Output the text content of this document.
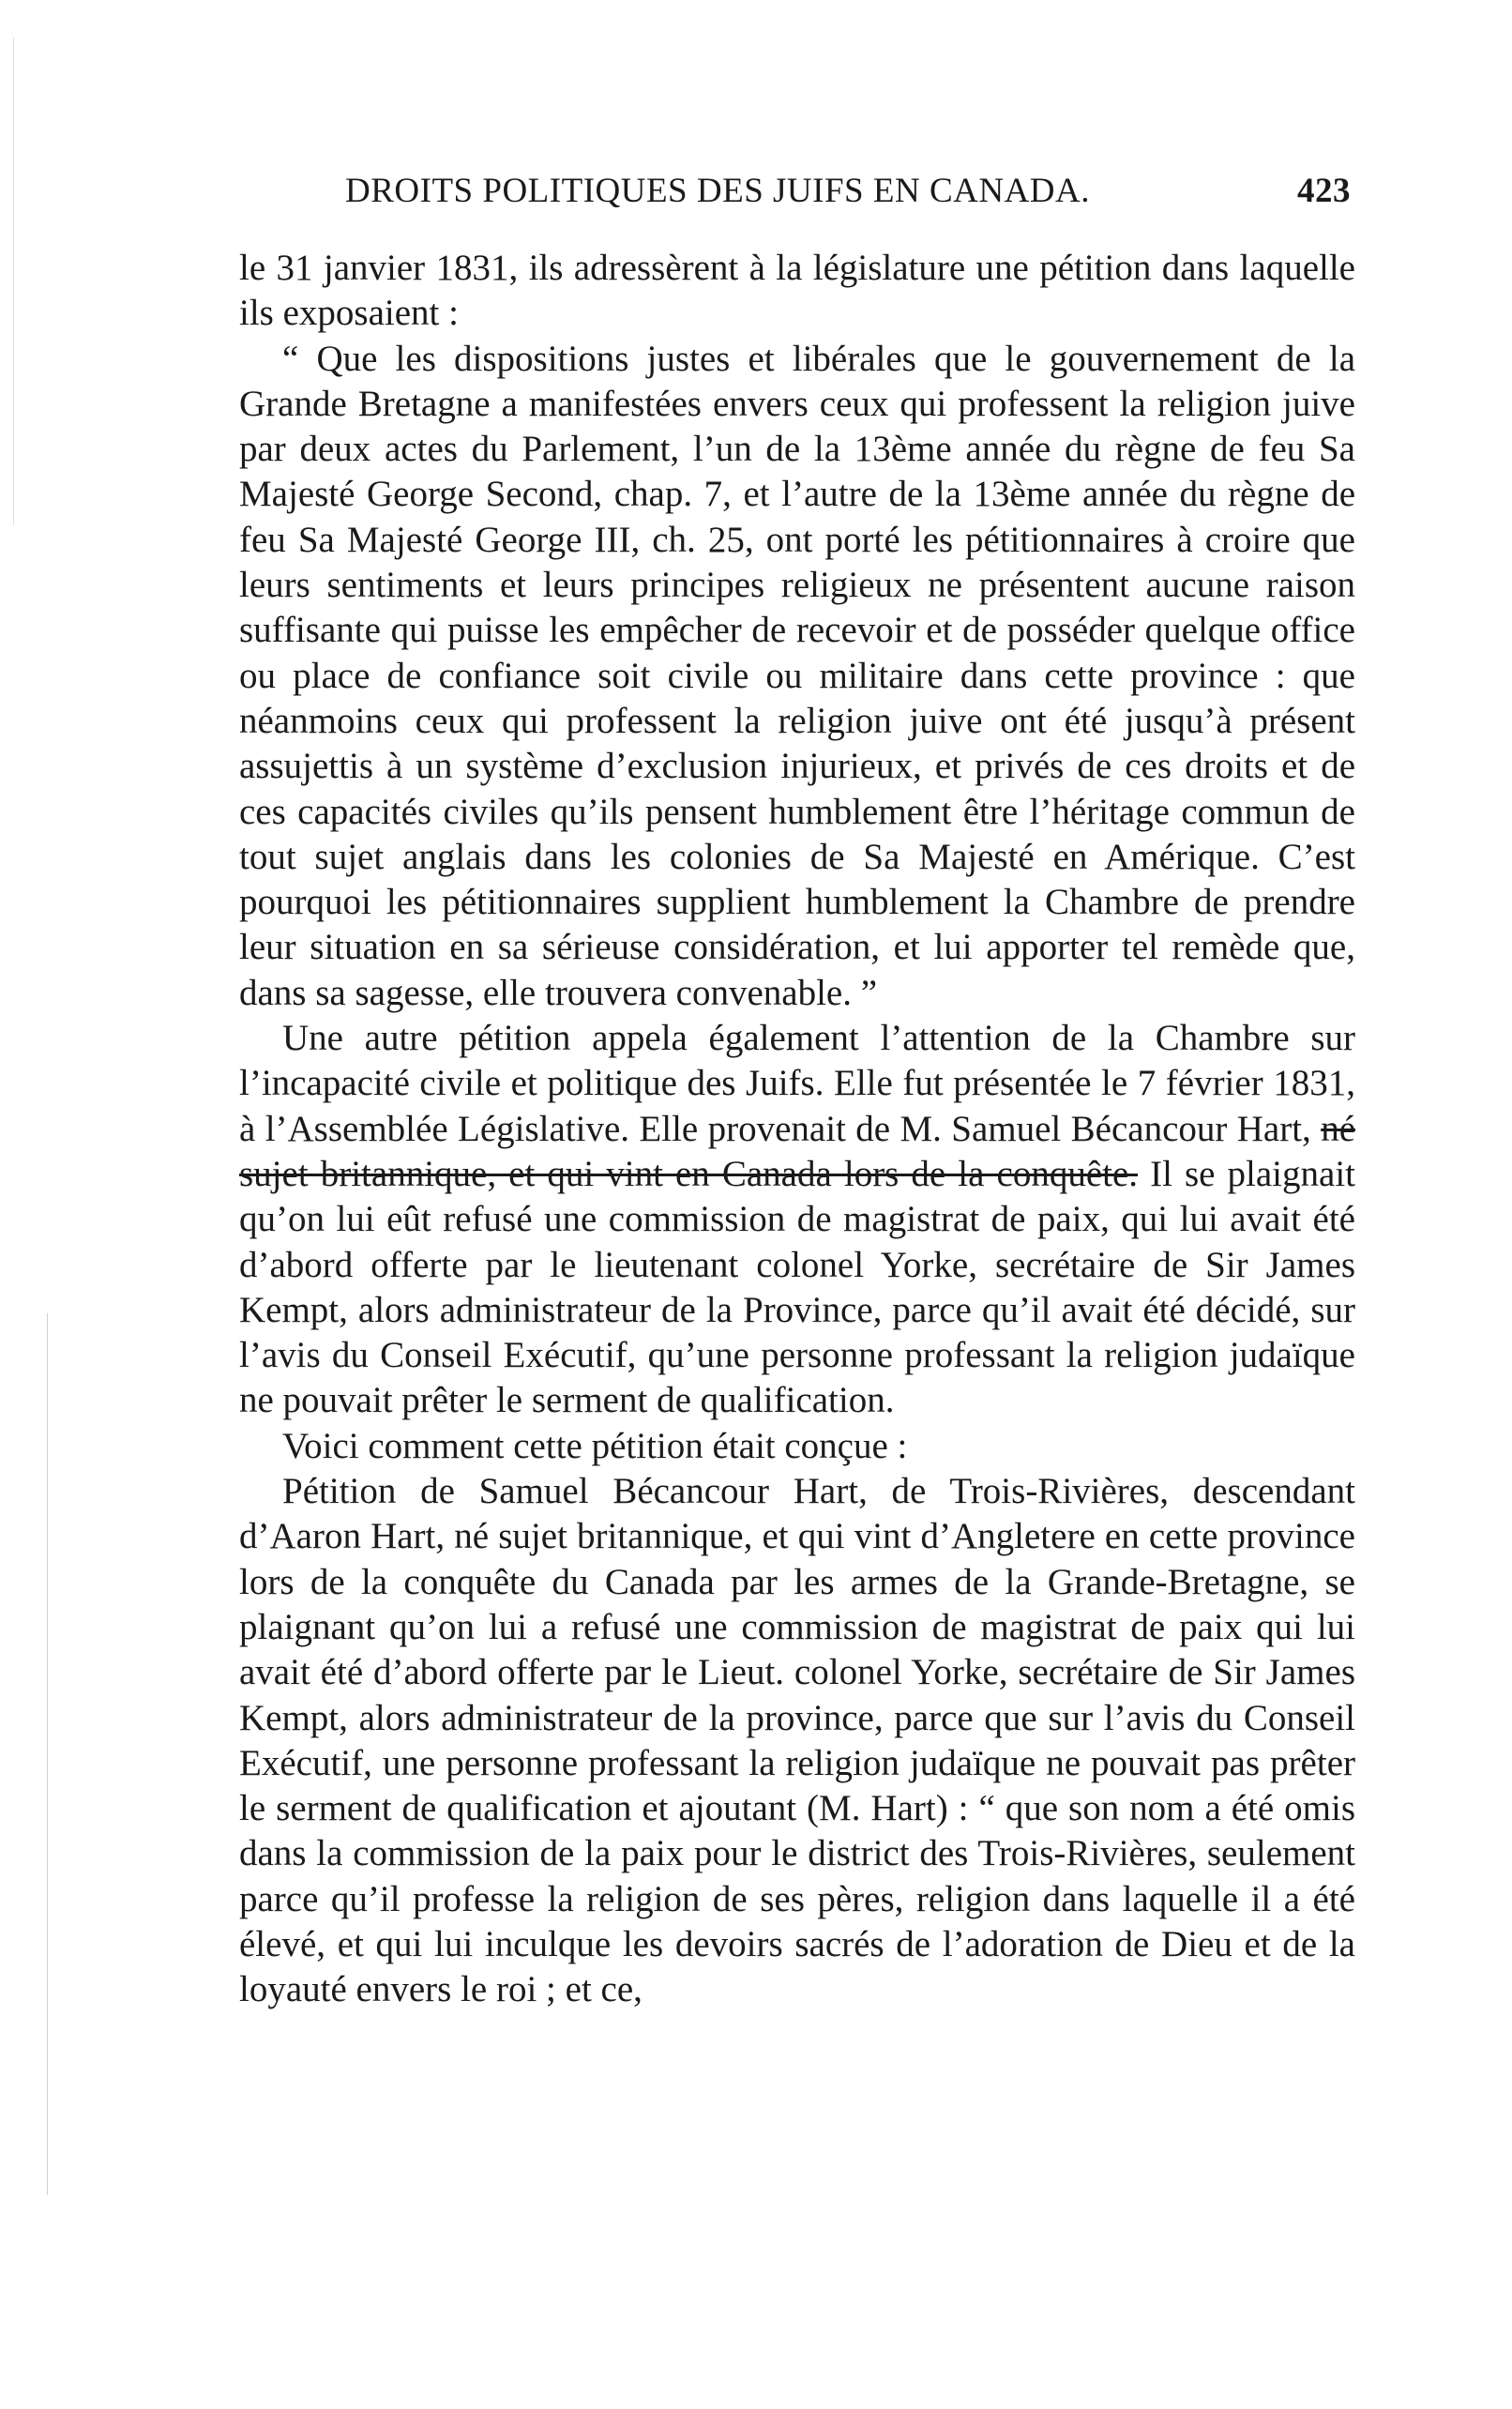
DROITS POLITIQUES DES JUIFS EN CANADA.	423

le 31 janvier 1831, ils adressèrent à la législature une pétition dans laquelle ils exposaient :

“ Que les dispositions justes et libérales que le gouvernement de la Grande Bretagne a manifestées envers ceux qui professent la religion juive par deux actes du Parlement, l’un de la 13ème année du règne de feu Sa Majesté George Second, chap. 7, et l’autre de la 13ème année du règne de feu Sa Majesté George III, ch. 25, ont porté les pétitionnaires à croire que leurs sentiments et leurs principes religieux ne présentent aucune raison suffisante qui puisse les empêcher de recevoir et de posséder quelque office ou place de confiance soit civile ou militaire dans cette province : que néanmoins ceux qui professent la religion juive ont été jusqu’à présent assujettis à un système d’exclusion injurieux, et privés de ces droits et de ces capacités civiles qu’ils pensent humblement être l’héritage commun de tout sujet anglais dans les colonies de Sa Majesté en Amérique. C’est pourquoi les pétitionnaires supplient humblement la Chambre de prendre leur situation en sa sérieuse considération, et lui apporter tel remède que, dans sa sagesse, elle trouvera convenable. ”

Une autre pétition appela également l’attention de la Chambre sur l’incapacité civile et politique des Juifs. Elle fut présentée le 7 février 1831, à l’Assemblée Législative. Elle provenait de M. Samuel Bécancour Hart, né sujet britannique, et qui vint en Canada lors de la conquête. Il se plaignait qu’on lui eût refusé une commission de magistrat de paix, qui lui avait été d’abord offerte par le lieutenant colonel Yorke, secrétaire de Sir James Kempt, alors administrateur de la Province, parce qu’il avait été décidé, sur l’avis du Conseil Exécutif, qu’une personne professant la religion judaïque ne pouvait prêter le serment de qualification.

Voici comment cette pétition était conçue :

Pétition de Samuel Bécancour Hart, de Trois-Rivières, descendant d’Aaron Hart, né sujet britannique, et qui vint d’Angletere en cette province lors de la conquête du Canada par les armes de la Grande-Bretagne, se plaignant qu’on lui a refusé une commission de magistrat de paix qui lui avait été d’abord offerte par le Lieut. colonel Yorke, secrétaire de Sir James Kempt, alors administrateur de la province, parce que sur l’avis du Conseil Exécutif, une personne professant la religion judaïque ne pouvait pas prêter le serment de qualification et ajoutant (M. Hart) : “ que son nom a été omis dans la commission de la paix pour le district des Trois-Rivières, seulement parce qu’il professe la religion de ses pères, religion dans laquelle il a été élevé, et qui lui inculque les devoirs sacrés de l’adoration de Dieu et de la loyauté envers le roi ; et ce,
